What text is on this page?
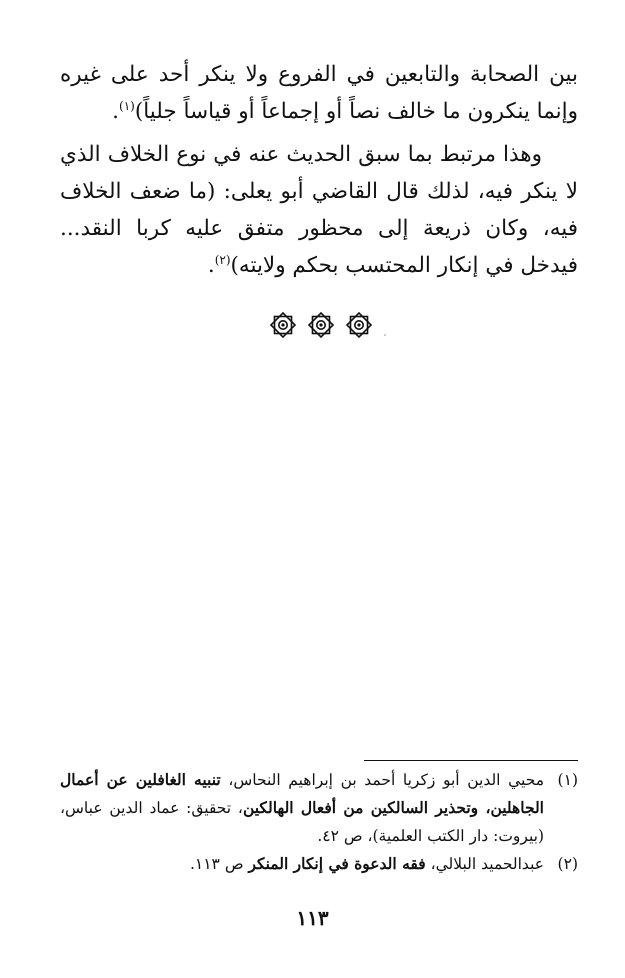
بين الصحابة والتابعين في الفروع ولا ينكر أحد على غيره وإنما ينكرون ما خالف نصاً أو إجماعاً أو قياساً جلياً)$^{(١)}$.
وهذا مرتبط بما سبق الحديث عنه في نوع الخلاف الذي لا ينكر فيه، لذلك قال القاضي أبو يعلى: (ما ضعف الخلاف فيه، وكان ذريعة إلى محظور متفق عليه كربا النقد... فيدخل في إنكار المحتسب بحكم ولايته)$^{(٢)}$.
(١)
محيي الدين أبو زكريا أحمد بن إبراهيم النحاس، تنبيه الغافلين عن أعمال الجاهلين، وتحذير السالكين من أفعال الهالكين، تحقيق: عماد الدين عباس، (بيروت: دار الكتب العلمية)، ص ٤٢.
(٢)
عبدالحميد البلالي، فقه الدعوة في إنكار المنكر ص ١١٣.
١١٣
